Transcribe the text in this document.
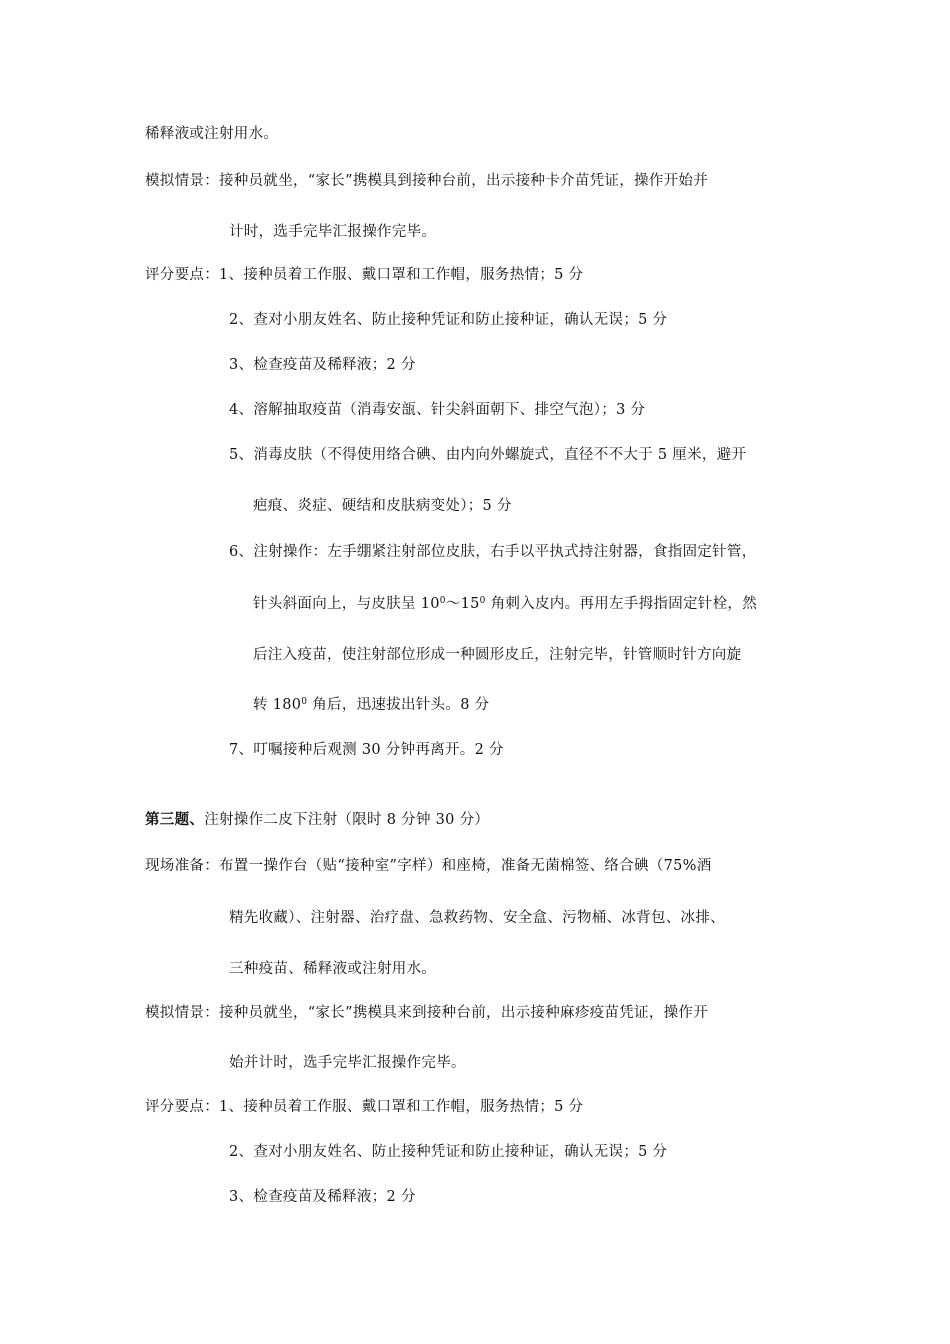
稀释液或注射用水。
模拟情景：接种员就坐，“家长”携模具到接种台前，出示接种卡介苗凭证，操作开始并
计时，选手完毕汇报操作完毕。
评分要点：1、接种员着工作服、戴口罩和工作帽，服务热情；5 分
2、查对小朋友姓名、防止接种凭证和防止接种证，确认无误；5 分
3、检查疫苗及稀释液；2 分
4、溶解抽取疫苗（消毒安瓿、针尖斜面朝下、排空气泡）；3 分
5、消毒皮肤（不得使用络合碘、由内向外螺旋式，直径不不大于 5 厘米，避开
疤痕、炎症、硬结和皮肤病变处）；5 分
6、注射操作：左手绷紧注射部位皮肤，右手以平执式持注射器，食指固定针管，
针头斜面向上，与皮肤呈 $10^0\sim 15^0$ 角刺入皮内。再用左手拇指固定针栓，然
后注入疫苗，使注射部位形成一种圆形皮丘，注射完毕，针管顺时针方向旋
转 $180^0$ 角后，迅速拔出针头。8 分
7、叮嘱接种后观测 30 分钟再离开。2 分
第三题、注射操作二皮下注射（限时 8 分钟 30 分）
现场准备：布置一操作台（贴“接种室”字样）和座椅，准备无菌棉签、络合碘（75%酒
精先收藏）、注射器、治疗盘、急救药物、安全盒、污物桶、冰背包、冰排、
三种疫苗、稀释液或注射用水。
模拟情景：接种员就坐，“家长”携模具来到接种台前，出示接种麻疹疫苗凭证，操作开
始并计时，选手完毕汇报操作完毕。
评分要点：1、接种员着工作服、戴口罩和工作帽，服务热情；5 分
2、查对小朋友姓名、防止接种凭证和防止接种证，确认无误；5 分
3、检查疫苗及稀释液；2 分
